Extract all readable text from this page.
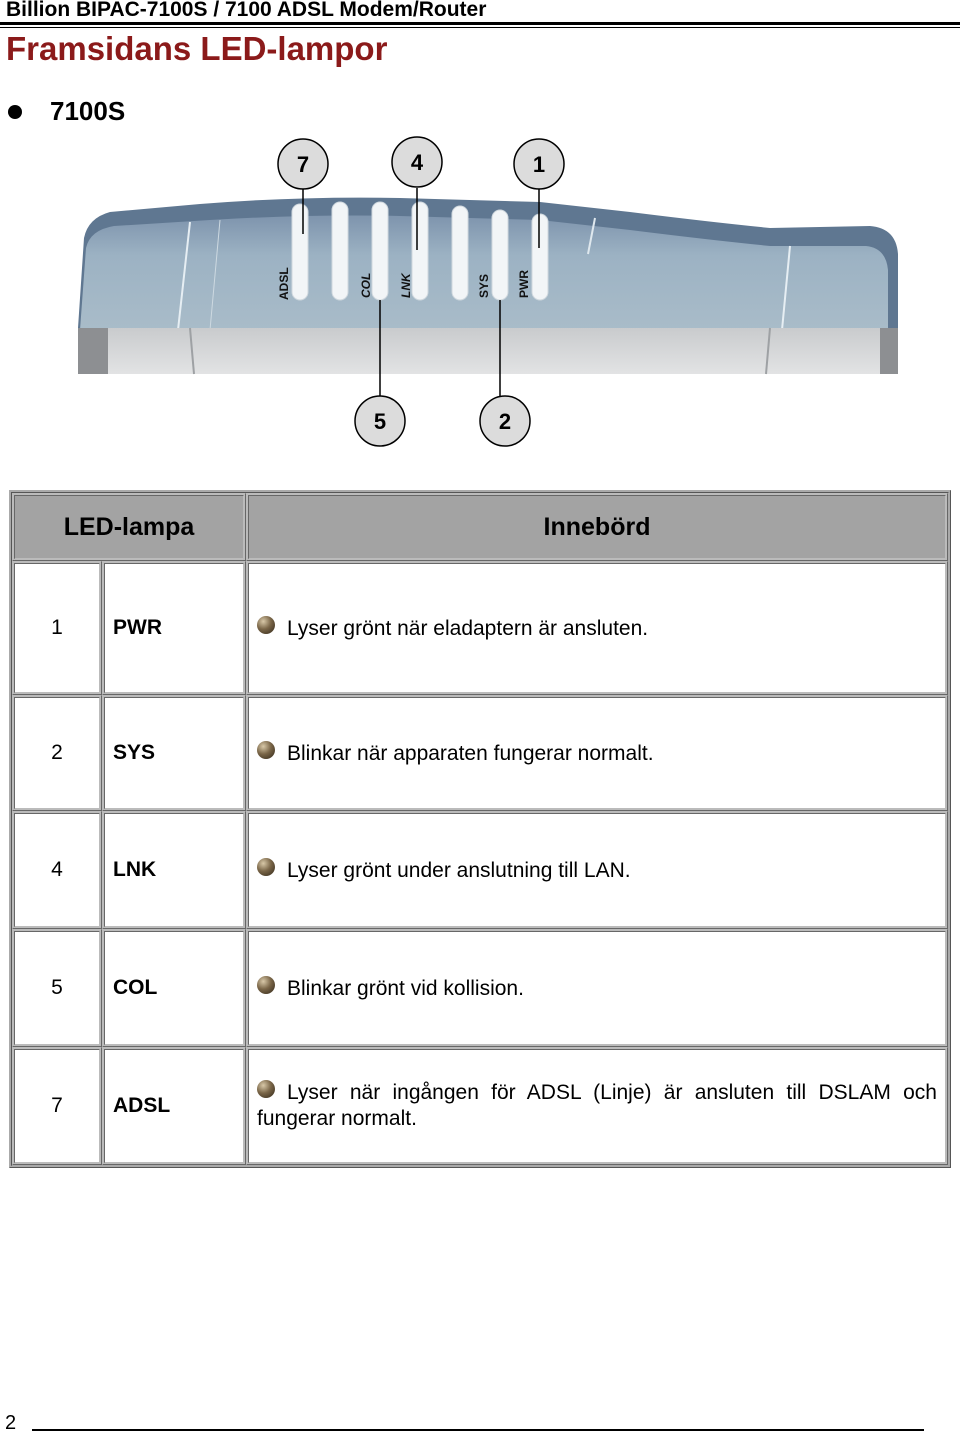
Billion BIPAC-7100S / 7100 ADSL Modem/Router
Framsidans LED-lampor
7100S
ADSL	COL LNK	SYS PWR
7	4	1
5	2
LED-lampa		Innebörd
1	PWR	Lyser grönt när eladaptern är ansluten.
2	SYS	Blinkar när apparaten fungerar normalt.
4	LNK	Lyser grönt under anslutning till LAN.
5	COL	Blinkar grönt vid kollision.
7	ADSL	Lyser när ingången för ADSL (Linje) är ansluten till DSLAM och fungerar normalt.
2
